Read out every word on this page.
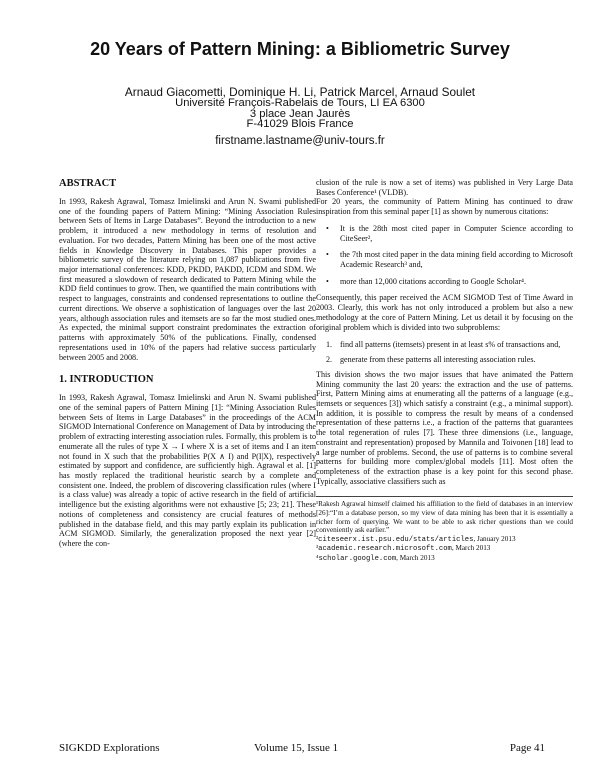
20 Years of Pattern Mining: a Bibliometric Survey
Arnaud Giacometti, Dominique H. Li, Patrick Marcel, Arnaud Soulet
Université François-Rabelais de Tours, LI EA 6300
3 place Jean Jaurès
F-41029 Blois France
firstname.lastname@univ-tours.fr
ABSTRACT

In 1993, Rakesh Agrawal, Tomasz Imielinski and Arun N. Swami published one of the founding papers of Pattern Mining: “Mining Association Rules between Sets of Items in Large Databases”. Beyond the introduction to a new problem, it introduced a new methodology in terms of resolution and evaluation. For two decades, Pattern Mining has been one of the most active fields in Knowledge Discovery in Databases. This paper provides a bibliometric survey of the literature relying on 1,087 publications from five major international conferences: KDD, PKDD, PAKDD, ICDM and SDM. We first measured a slowdown of research dedicated to Pattern Mining while the KDD field continues to grow. Then, we quantified the main contributions with respect to languages, constraints and condensed representations to outline the current directions. We observe a sophistication of languages over the last 20 years, although association rules and itemsets are so far the most studied ones. As expected, the minimal support constraint predominates the extraction of patterns with approximately 50% of the publications. Finally, condensed representations used in 10% of the papers had relative success particularly between 2005 and 2008.

1. INTRODUCTION

In 1993, Rakesh Agrawal, Tomasz Imielinski and Arun N. Swami published one of the seminal papers of Pattern Mining [1]: “Mining Association Rules between Sets of Items in Large Databases” in the proceedings of the ACM SIGMOD International Conference on Management of Data by introducing the problem of extracting interesting association rules. Formally, this problem is to enumerate all the rules of type X → I where X is a set of items and I an item not found in X such that the probabilities P(X ∧ I) and P(I|X), respectively estimated by support and confidence, are sufficiently high. Agrawal et al. [1] has mostly replaced the traditional heuristic search by a complete and consistent one. Indeed, the problem of discovering classification rules (where I is a class value) was already a topic of active research in the field of artificial intelligence but the existing algorithms were not exhaustive [5; 23; 21]. These notions of completeness and consistency are crucial features of methods published in the database field, and this may partly explain its publication in ACM SIGMOD. Similarly, the generalization proposed the next year [2] (where the con-

clusion of the rule is now a set of items) was published in Very Large Data Bases Conference¹ (VLDB).

For 20 years, the community of Pattern Mining has continued to draw inspiration from this seminal paper [1] as shown by numerous citations:

• It is the 28th most cited paper in Computer Science according to CiteSeer²,
• the 7th most cited paper in the data mining field according to Microsoft Academic Research³ and,
• more than 12,000 citations according to Google Scholar⁴.

Consequently, this paper received the ACM SIGMOD Test of Time Award in 2003. Clearly, this work has not only introduced a problem but also a new methodology at the core of Pattern Mining. Let us detail it by focusing on the original problem which is divided into two subproblems:

1. find all patterns (itemsets) present in at least s% of transactions and,
2. generate from these patterns all interesting association rules.

This division shows the two major issues that have animated the Pattern Mining community the last 20 years: the extraction and the use of patterns. First, Pattern Mining aims at enumerating all the patterns of a language (e.g., itemsets or sequences [3]) which satisfy a constraint (e.g., a minimal support). In addition, it is possible to compress the result by means of a condensed representation of these patterns i.e., a fraction of the patterns that guarantees the total regeneration of rules [7]. These three dimensions (i.e., language, constraint and representation) proposed by Mannila and Toivonen [18] lead to a large number of problems. Second, the use of patterns is to combine several patterns for building more complex/global models [11]. Most often the completeness of the extraction phase is a key point for this second phase. Typically, associative classifiers such as

¹Rakesh Agrawal himself claimed his affiliation to the field of databases in an interview [26]:“I’m a database person, so my view of data mining has been that it is essentially a richer form of querying. We want to be able to ask richer questions than we could conveniently ask earlier.”
²citeseerx.ist.psu.edu/stats/articles, January 2013
³academic.research.microsoft.com, March 2013
⁴scholar.google.com, March 2013
SIGKDD Explorations	Volume 15, Issue 1	Page 41
